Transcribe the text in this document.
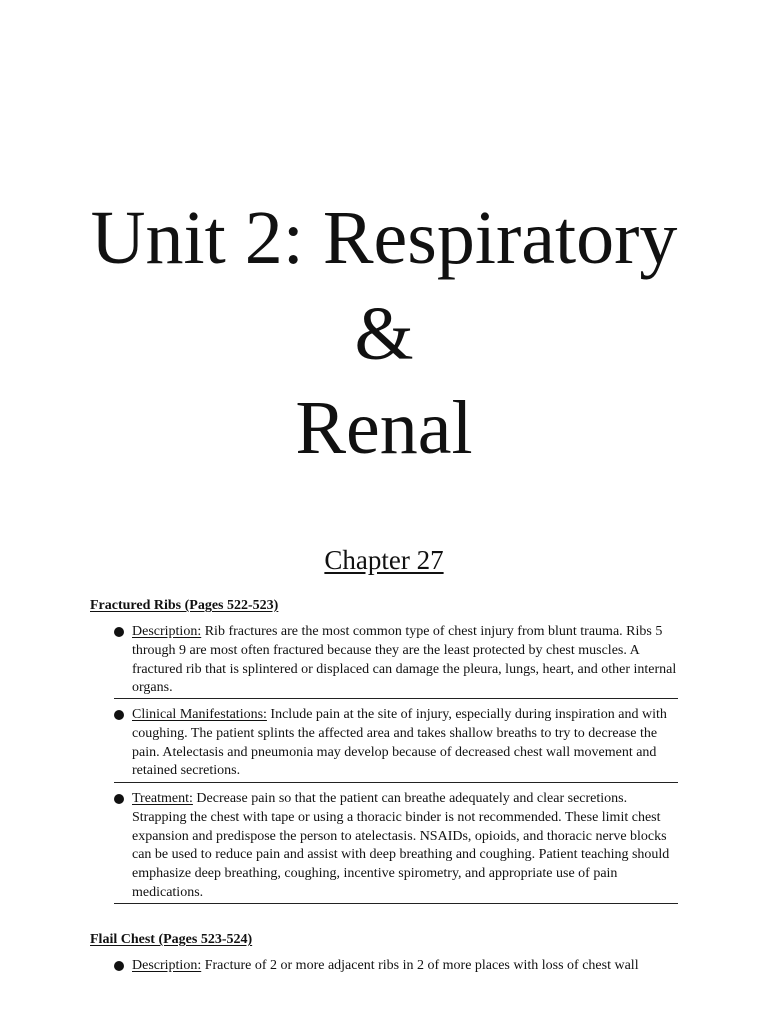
Unit 2: Respiratory
&
Renal
Chapter 27
Fractured Ribs (Pages 522-523)
Description: Rib fractures are the most common type of chest injury from blunt trauma. Ribs 5 through 9 are most often fractured because they are the least protected by chest muscles. A fractured rib that is splintered or displaced can damage the pleura, lungs, heart, and other internal organs.
Clinical Manifestations: Include pain at the site of injury, especially during inspiration and with coughing. The patient splints the affected area and takes shallow breaths to try to decrease the pain. Atelectasis and pneumonia may develop because of decreased chest wall movement and retained secretions.
Treatment: Decrease pain so that the patient can breathe adequately and clear secretions. Strapping the chest with tape or using a thoracic binder is not recommended. These limit chest expansion and predispose the person to atelectasis. NSAIDs, opioids, and thoracic nerve blocks can be used to reduce pain and assist with deep breathing and coughing. Patient teaching should emphasize deep breathing, coughing, incentive spirometry, and appropriate use of pain medications.
Flail Chest (Pages 523-524)
Description: Fracture of 2 or more adjacent ribs in 2 of more places with loss of chest wall
